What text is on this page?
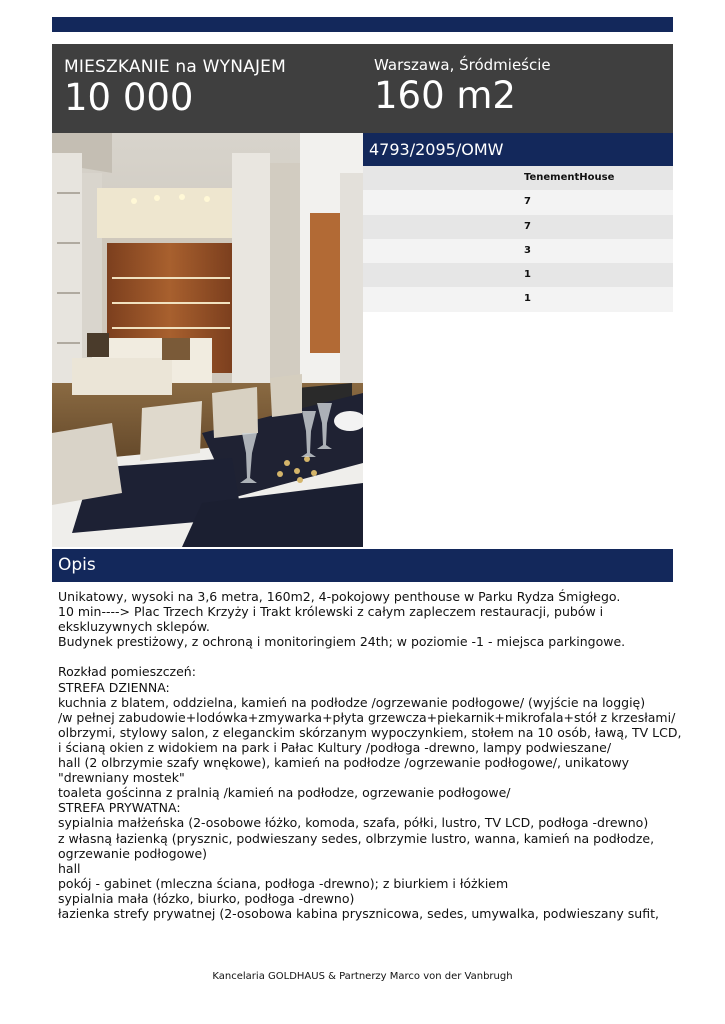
MIESZKANIE na WYNAJEM
10 000
Warszawa, Śródmieście
160 m2
4793/2095/OMW
TenementHouse
7
7
3
1
1
Opis
Unikatowy, wysoki na 3,6 metra, 160m2, 4-pokojowy penthouse w Parku Rydza Śmigłego.
10 min----> Plac Trzech Krzyży i Trakt królewski z całym zapleczem restauracji, pubów i
ekskluzywnych sklepów.
Budynek prestiżowy, z ochroną i monitoringiem 24th; w poziomie -1 - miejsca parkingowe.
Rozkład pomieszczeń:
STREFA DZIENNA:
kuchnia z blatem, oddzielna, kamień na podłodze /ogrzewanie podłogowe/ (wyjście na loggię)
/w pełnej zabudowie+lodówka+zmywarka+płyta grzewcza+piekarnik+mikrofala+stół z krzesłami/
olbrzymi, stylowy salon, z eleganckim skórzanym wypoczynkiem, stołem na 10 osób, ławą, TV LCD,
i ścianą okien z widokiem na park i Pałac Kultury /podłoga -drewno, lampy podwieszane/
hall (2 olbrzymie szafy wnękowe), kamień na podłodze /ogrzewanie podłogowe/, unikatowy
"drewniany mostek"
toaleta gościnna z pralnią /kamień na podłodze, ogrzewanie podłogowe/
STREFA PRYWATNA:
sypialnia małżeńska (2-osobowe łóżko, komoda, szafa, półki, lustro, TV LCD, podłoga -drewno)
z własną łazienką (prysznic, podwieszany sedes, olbrzymie lustro, wanna, kamień na podłodze,
ogrzewanie podłogowe)
hall
pokój - gabinet (mleczna ściana, podłoga -drewno); z biurkiem i łóżkiem
sypialnia mała (łózko, biurko, podłoga -drewno)
łazienka strefy prywatnej (2-osobowa kabina prysznicowa, sedes, umywalka, podwieszany sufit,
Kancelaria GOLDHAUS & Partnerzy Marco von der Vanbrugh
